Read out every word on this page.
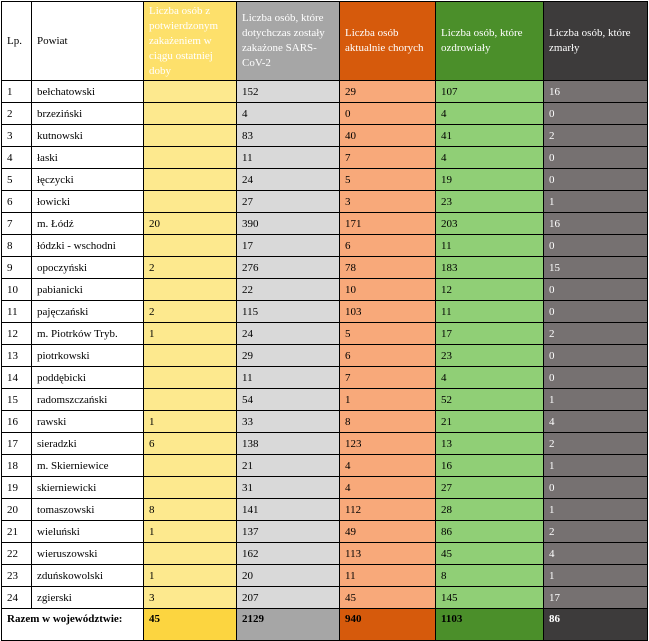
Lp.	Powiat	Liczba osób z potwierdzonym zakażeniem w ciągu ostatniej doby	Liczba osób, które dotychczas zostały zakażone SARS-CoV-2	Liczba osób aktualnie chorych	Liczba osób, które ozdrowiały	Liczba osób, które zmarły
1	bełchatowski		152	29	107	16
2	brzeziński		4	0	4	0
3	kutnowski		83	40	41	2
4	łaski		11	7	4	0
5	łęczycki		24	5	19	0
6	łowicki		27	3	23	1
7	m. Łódź	20	390	171	203	16
8	łódzki - wschodni		17	6	11	0
9	opoczyński	2	276	78	183	15
10	pabianicki		22	10	12	0
11	pajęczański	2	115	103	11	0
12	m. Piotrków Tryb.	1	24	5	17	2
13	piotrkowski		29	6	23	0
14	poddębicki		11	7	4	0
15	radomszczański		54	1	52	1
16	rawski	1	33	8	21	4
17	sieradzki	6	138	123	13	2
18	m. Skierniewice		21	4	16	1
19	skierniewicki		31	4	27	0
20	tomaszowski	8	141	112	28	1
21	wieluński	1	137	49	86	2
22	wieruszowski		162	113	45	4
23	zduńskowolski	1	20	11	8	1
24	zgierski	3	207	45	145	17
Razem w województwie:		45	2129	940	1103	86
